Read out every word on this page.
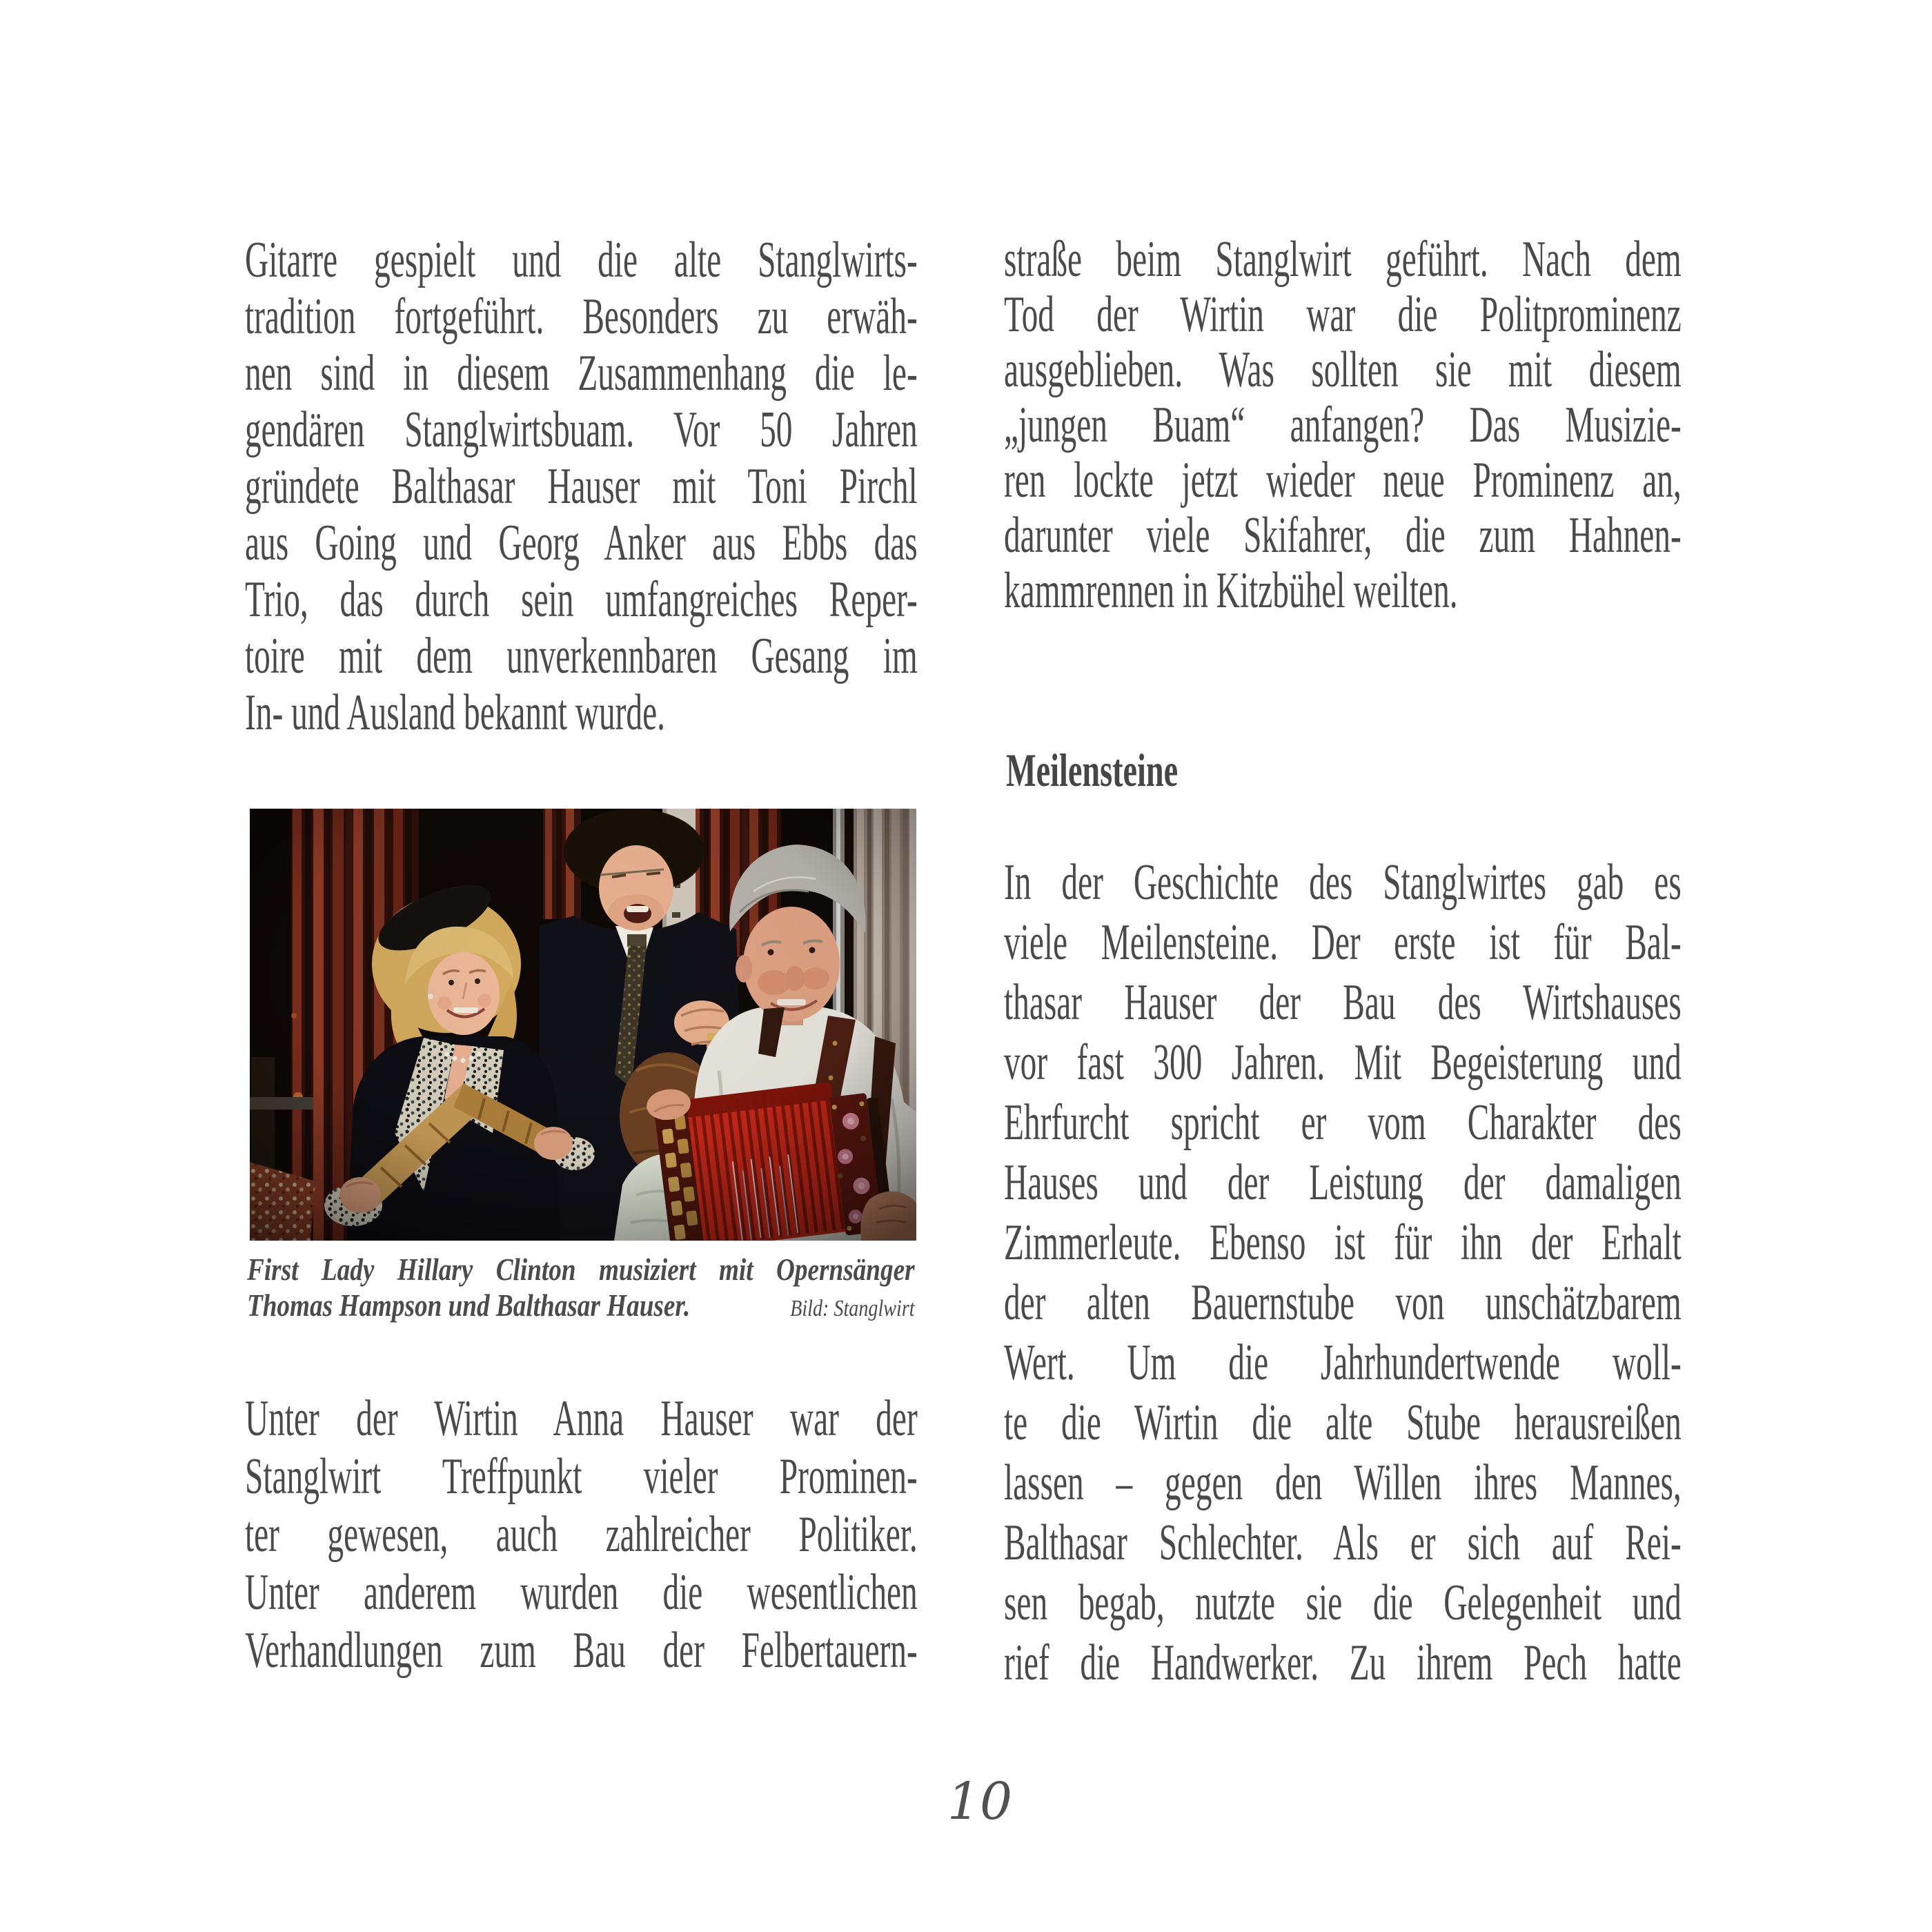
Gitarre gespielt und die alte Stanglwirts-
tradition fortgeführt. Besonders zu erwäh-
nen sind in diesem Zusammenhang die le-
gendären Stanglwirtsbuam. Vor 50 Jahren
gründete Balthasar Hauser mit Toni Pirchl
aus Going und Georg Anker aus Ebbs das
Trio, das durch sein umfangreiches Reper-
toire mit dem unverkennbaren Gesang im
In- und Ausland bekannt wurde.
First Lady Hillary Clinton musiziert mit Opernsänger
Thomas Hampson und Balthasar Hauser.	Bild: Stanglwirt
Unter der Wirtin Anna Hauser war der
Stanglwirt Treffpunkt vieler Prominen-
ter gewesen, auch zahlreicher Politiker.
Unter anderem wurden die wesentlichen
Verhandlungen zum Bau der Felbertauern-
straße beim Stanglwirt geführt. Nach dem
Tod der Wirtin war die Politprominenz
ausgeblieben. Was sollten sie mit diesem
„jungen Buam“ anfangen? Das Musizie-
ren lockte jetzt wieder neue Prominenz an,
darunter viele Skifahrer, die zum Hahnen-
kammrennen in Kitzbühel weilten.
Meilensteine
In der Geschichte des Stanglwirtes gab es
viele Meilensteine. Der erste ist für Bal-
thasar Hauser der Bau des Wirtshauses
vor fast 300 Jahren. Mit Begeisterung und
Ehrfurcht spricht er vom Charakter des
Hauses und der Leistung der damaligen
Zimmerleute. Ebenso ist für ihn der Erhalt
der alten Bauernstube von unschätzbarem
Wert. Um die Jahrhundertwende woll-
te die Wirtin die alte Stube herausreißen
lassen – gegen den Willen ihres Mannes,
Balthasar Schlechter. Als er sich auf Rei-
sen begab, nutzte sie die Gelegenheit und
rief die Handwerker. Zu ihrem Pech hatte
10
